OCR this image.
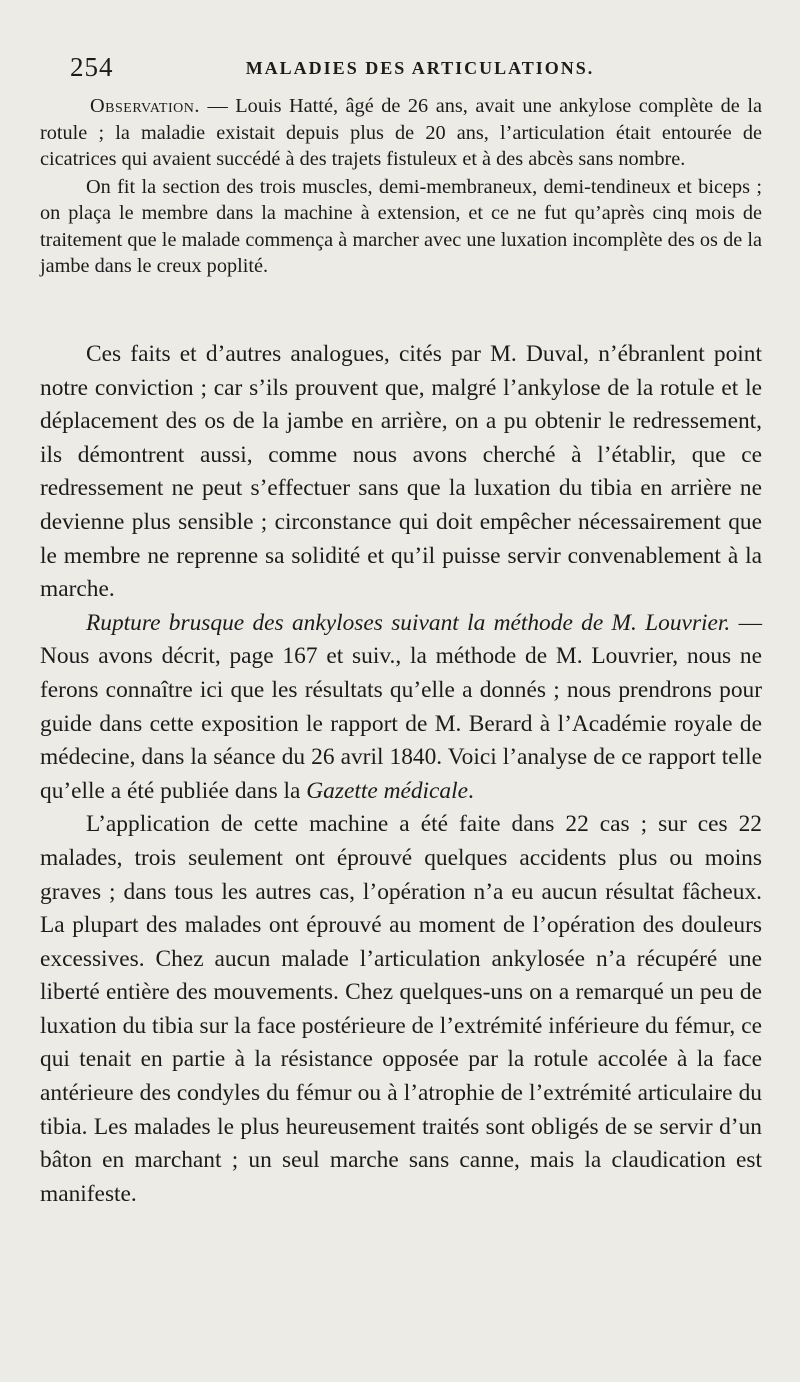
254	MALADIES DES ARTICULATIONS.

Observation. — Louis Hatté, âgé de 26 ans, avait une ankylose complète de la rotule ; la maladie existait depuis plus de 20 ans, l’articulation était entourée de cicatrices qui avaient succédé à des trajets fistuleux et à des abcès sans nombre.

On fit la section des trois muscles, demi-membraneux, demi-tendineux et biceps ; on plaça le membre dans la machine à extension, et ce ne fut qu’après cinq mois de traitement que le malade commença à marcher avec une luxation incomplète des os de la jambe dans le creux poplité.

Ces faits et d’autres analogues, cités par M. Duval, n’ébranlent point notre conviction ; car s’ils prouvent que, malgré l’ankylose de la rotule et le déplacement des os de la jambe en arrière, on a pu obtenir le redressement, ils démontrent aussi, comme nous avons cherché à l’établir, que ce redressement ne peut s’effectuer sans que la luxation du tibia en arrière ne devienne plus sensible ; circonstance qui doit empêcher nécessairement que le membre ne reprenne sa solidité et qu’il puisse servir convenablement à la marche.

Rupture brusque des ankyloses suivant la méthode de M. Louvrier. — Nous avons décrit, page 167 et suiv., la méthode de M. Louvrier, nous ne ferons connaître ici que les résultats qu’elle a donnés ; nous prendrons pour guide dans cette exposition le rapport de M. Berard à l’Académie royale de médecine, dans la séance du 26 avril 1840. Voici l’analyse de ce rapport telle qu’elle a été publiée dans la Gazette médicale.

L’application de cette machine a été faite dans 22 cas ; sur ces 22 malades, trois seulement ont éprouvé quelques accidents plus ou moins graves ; dans tous les autres cas, l’opération n’a eu aucun résultat fâcheux. La plupart des malades ont éprouvé au moment de l’opération des douleurs excessives. Chez aucun malade l’articulation ankylosée n’a récupéré une liberté entière des mouvements. Chez quelques-uns on a remarqué un peu de luxation du tibia sur la face postérieure de l’extrémité inférieure du fémur, ce qui tenait en partie à la résistance opposée par la rotule accolée à la face antérieure des condyles du fémur ou à l’atrophie de l’extrémité articulaire du tibia. Les malades le plus heureusement traités sont obligés de se servir d’un bâton en marchant ; un seul marche sans canne, mais la claudication est manifeste.
